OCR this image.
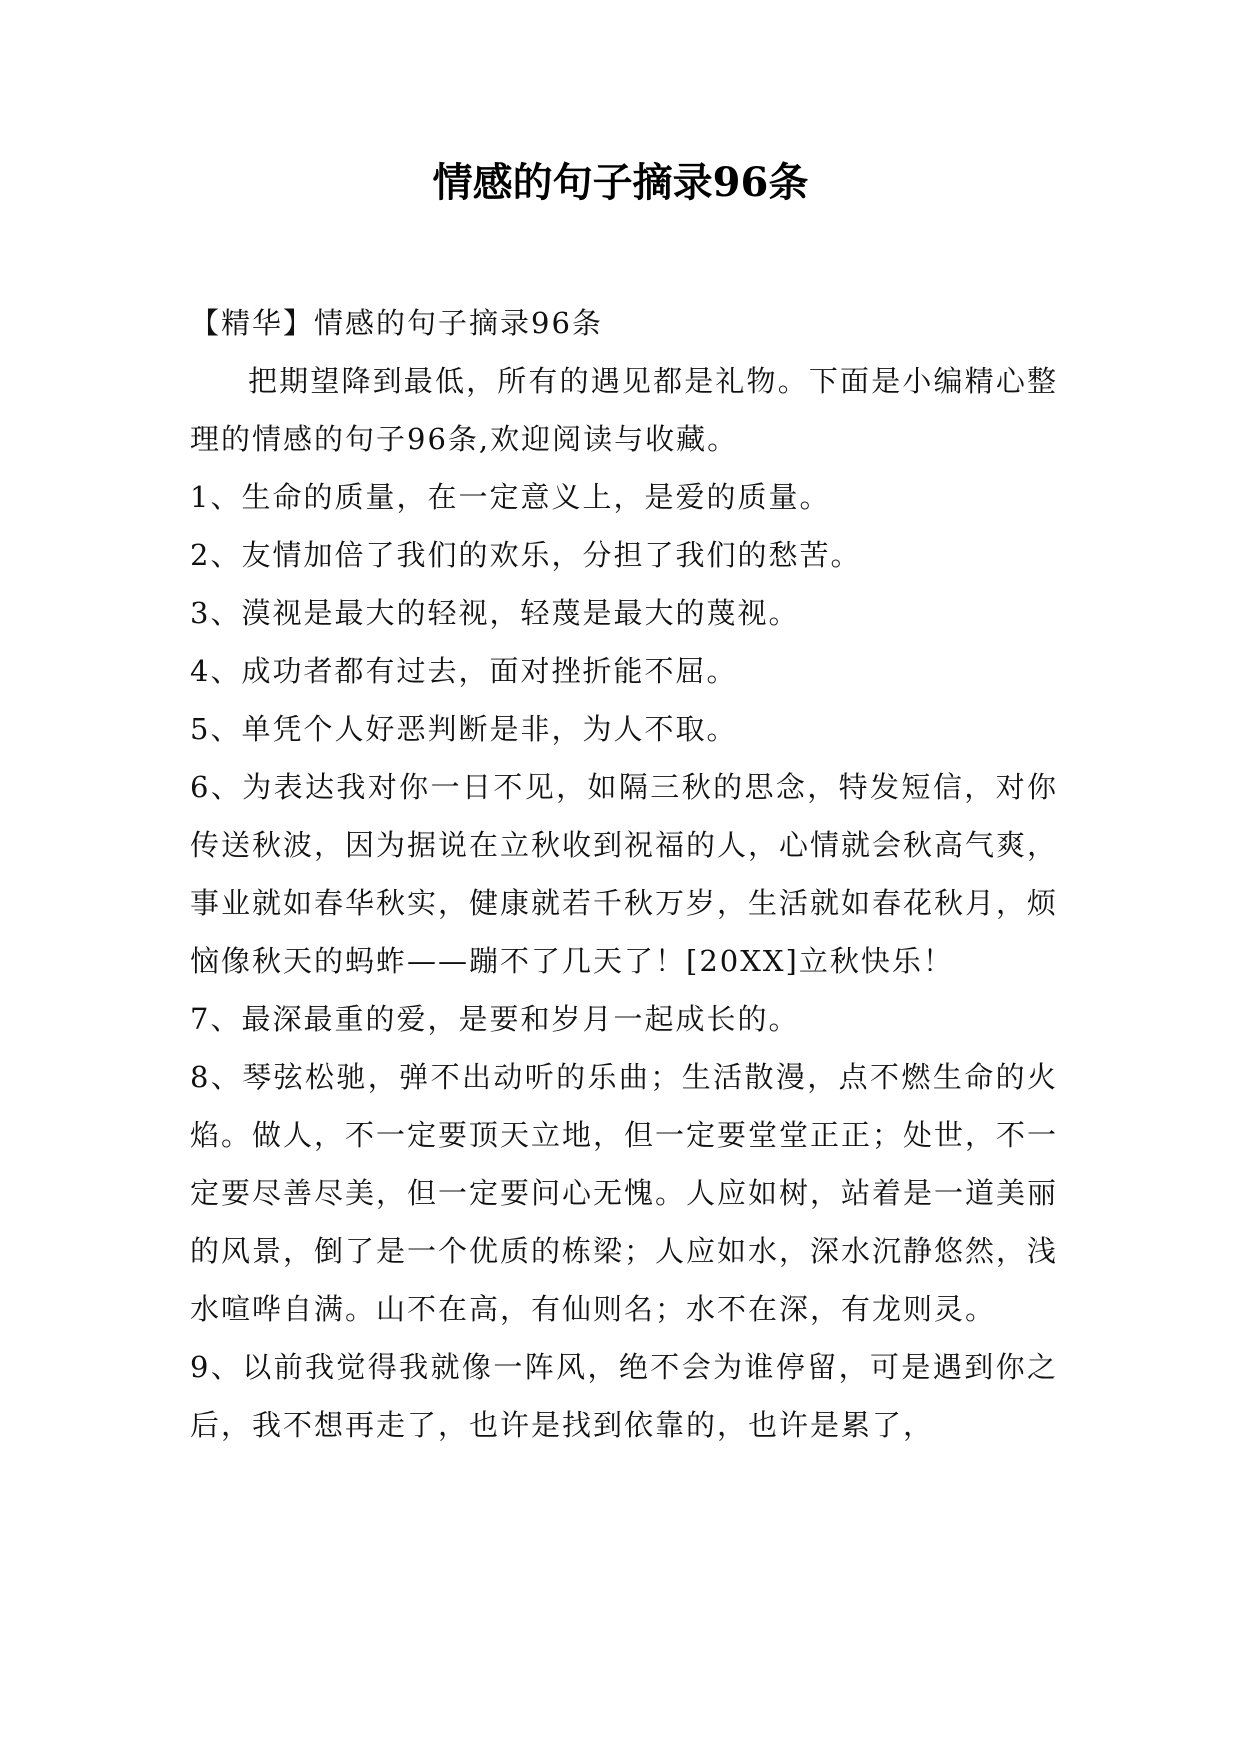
情感的句子摘录96条

【精华】情感的句子摘录96条

把期望降到最低，所有的遇见都是礼物。下面是小编精心整理的情感的句子96条,欢迎阅读与收藏。

1、生命的质量，在一定意义上，是爱的质量。

2、友情加倍了我们的欢乐，分担了我们的愁苦。

3、漠视是最大的轻视，轻蔑是最大的蔑视。

4、成功者都有过去，面对挫折能不屈。

5、单凭个人好恶判断是非，为人不取。

6、为表达我对你一日不见，如隔三秋的思念，特发短信，对你传送秋波，因为据说在立秋收到祝福的人，心情就会秋高气爽，事业就如春华秋实，健康就若千秋万岁，生活就如春花秋月，烦恼像秋天的蚂蚱——蹦不了几天了！[20XX]立秋快乐！

7、最深最重的爱，是要和岁月一起成长的。

8、琴弦松驰，弹不出动听的乐曲；生活散漫，点不燃生命的火焰。做人，不一定要顶天立地，但一定要堂堂正正；处世，不一定要尽善尽美，但一定要问心无愧。人应如树，站着是一道美丽的风景，倒了是一个优质的栋梁；人应如水，深水沉静悠然，浅水喧哗自满。山不在高，有仙则名；水不在深，有龙则灵。

9、以前我觉得我就像一阵风，绝不会为谁停留，可是遇到你之后，我不想再走了，也许是找到依靠的，也许是累了，
